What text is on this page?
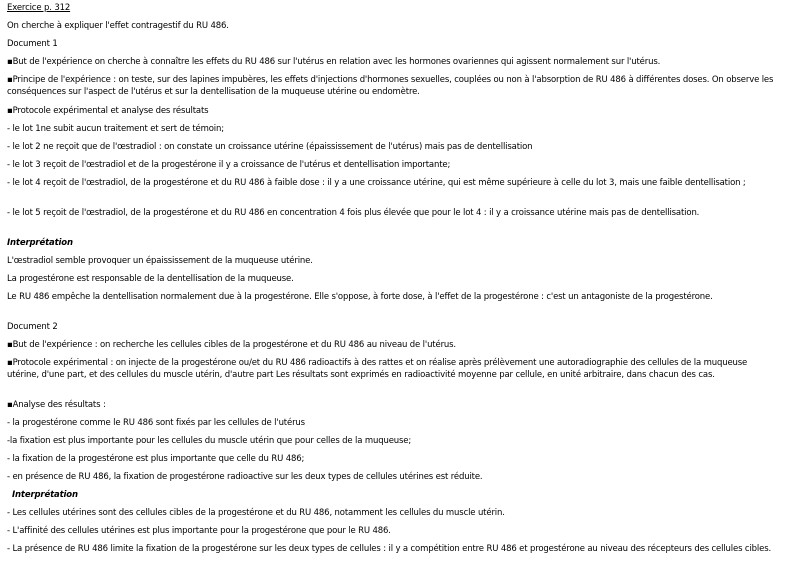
Exercice p. 312
On cherche à expliquer l'effet contragestif du RU 486.
Document 1
▪But de l'expérience on cherche à connaître les effets du RU 486 sur l'utérus en relation avec les hormones ovariennes qui agissent normalement sur l'utérus.
▪Principe de l'expérience : on teste, sur des lapines impubères, les effets d'injections d'hormones sexuelles, couplées ou non à l'absorption de RU 486 à différentes doses. On observe les conséquences sur l'aspect de l'utérus et sur la dentellisation de la muqueuse utérine ou endomètre.
▪Protocole expérimental et analyse des résultats
- le lot 1ne subit aucun traitement et sert de témoin;
- le lot 2 ne reçoit que de l'œstradiol : on constate un croissance utérine (épaississement de l'utérus) mais pas de dentellisation
- le lot 3 reçoit de l'œstradiol et de la progestérone il y a croissance de l'utérus et dentellisation importante;
- le lot 4 reçoit de l'œstradiol, de la progestérone et du RU 486 à faible dose : il y a une croissance utérine, qui est même supérieure à celle du lot 3, mais une faible dentellisation ;
- le lot 5 reçoit de l'œstradiol, de la progestérone et du RU 486 en concentration 4 fois plus élevée que pour le lot 4 : il y a croissance utérine mais pas de dentellisation.
Interprétation
L'œstradiol semble provoquer un épaississement de la muqueuse utérine.
La progestérone est responsable de la dentellisation de la muqueuse.
Le RU 486 empêche la dentellisation normalement due à la progestérone. Elle s'oppose, à forte dose, à l'effet de la progestérone : c'est un antagoniste de la progestérone.
Document 2
▪But de l'expérience : on recherche les cellules cibles de la progestérone et du RU 486 au niveau de l'utérus.
▪Protocole expérimental : on injecte de la progestérone ou/et du RU 486 radioactifs à des rattes et on réalise après prélèvement une autoradiographie des cellules de la muqueuse utérine, d'une part, et des cellules du muscle utérin, d'autre part Les résultats sont exprimés en radioactivité moyenne par cellule, en unité arbitraire, dans chacun des cas.
▪Analyse des résultats :
- la progestérone comme le RU 486 sont fixés par les cellules de l'utérus
-la fixation est plus importante pour les cellules du muscle utérin que pour celles de la muqueuse;
- la fixation de la progestérone est plus importante que celle du RU 486;
- en présence de RU 486, la fixation de progestérone radioactive sur les deux types de cellules utérines est réduite.
Interprétation
- Les cellules utérines sont des cellules cibles de la progestérone et du RU 486, notamment les cellules du muscle utérin.
- L'affinité des cellules utérines est plus importante pour la progestérone que pour le RU 486.
- La présence de RU 486 limite la fixation de la progestérone sur les deux types de cellules : il y a compétition entre RU 486 et progestérone au niveau des récepteurs des cellules cibles.
